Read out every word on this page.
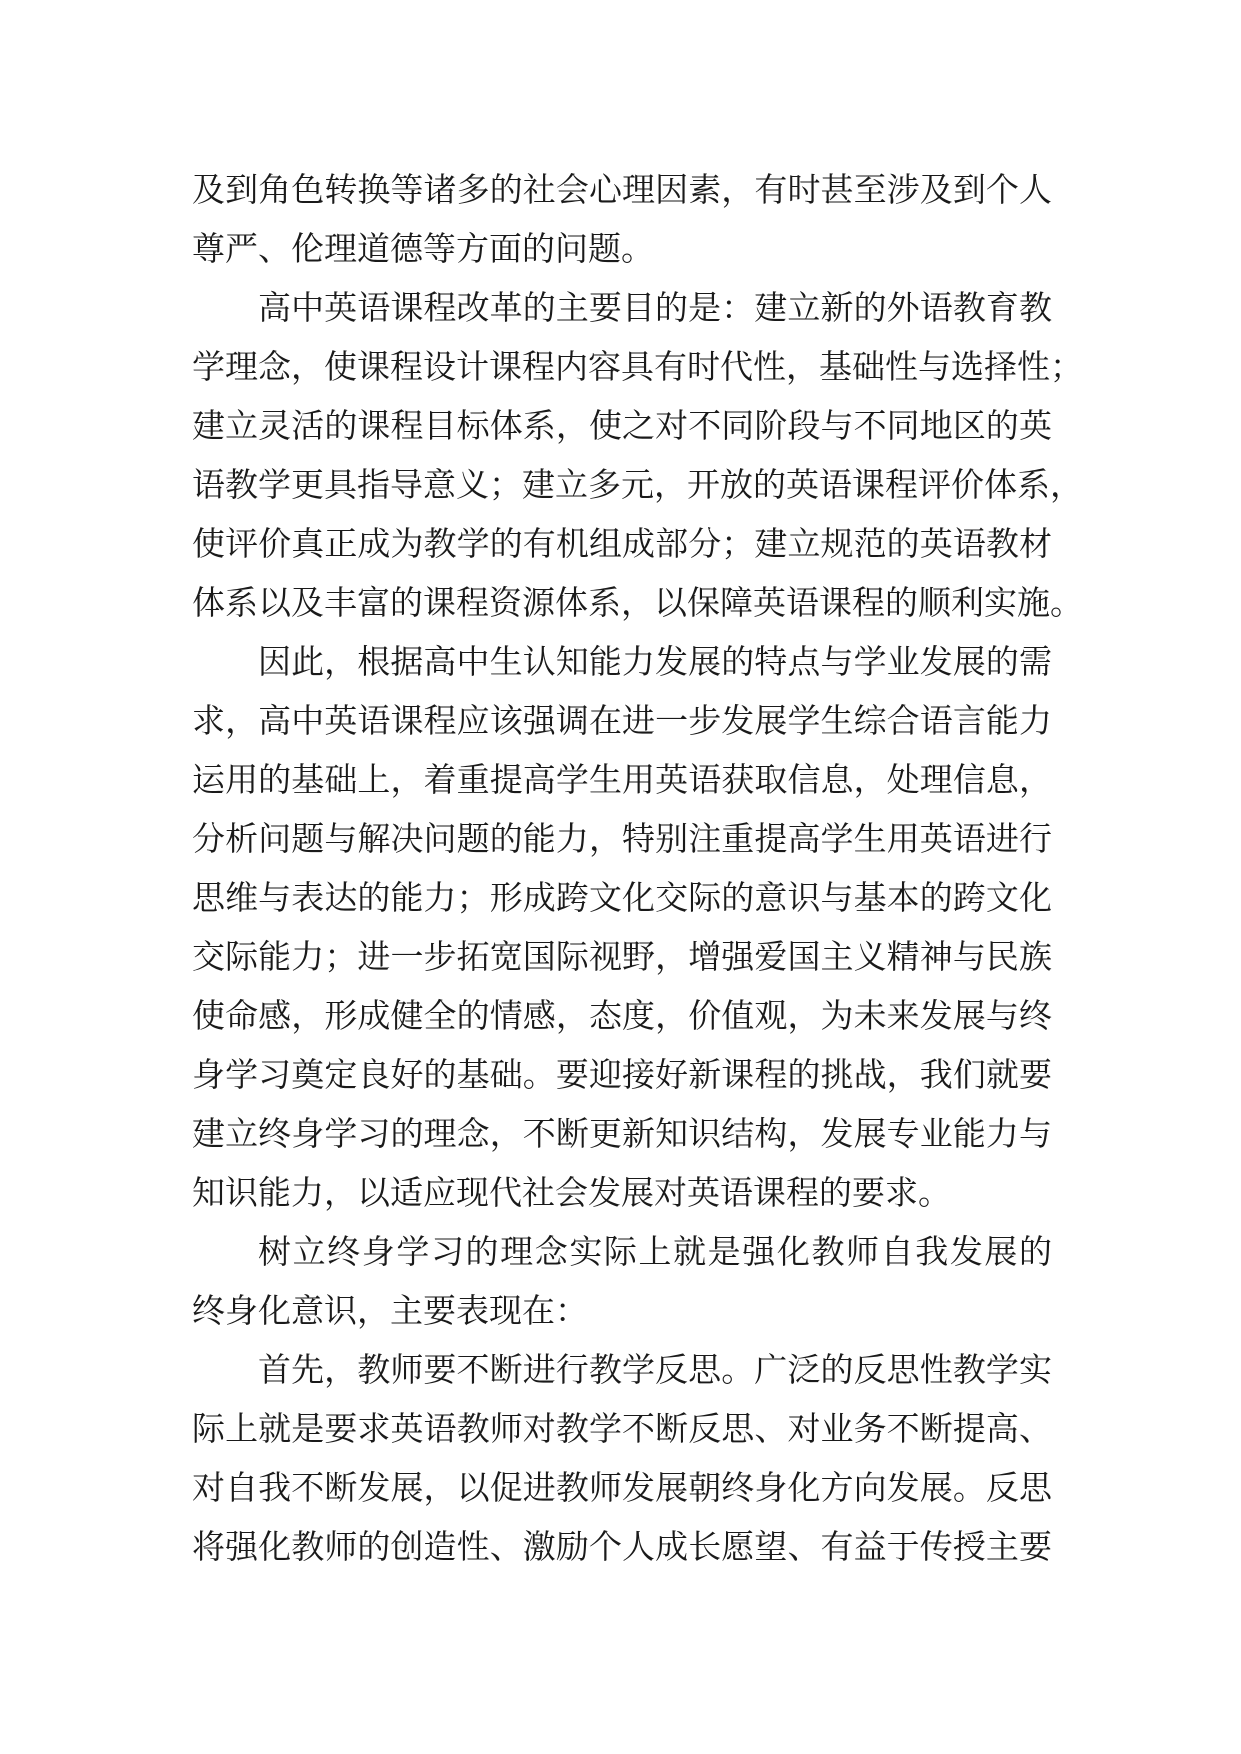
及到角色转换等诸多的社会心理因素，有时甚至涉及到个人
尊严、伦理道德等方面的问题。
高中英语课程改革的主要目的是：建立新的外语教育教
学理念，使课程设计课程内容具有时代性，基础性与选择性；
建立灵活的课程目标体系，使之对不同阶段与不同地区的英
语教学更具指导意义；建立多元，开放的英语课程评价体系，
使评价真正成为教学的有机组成部分；建立规范的英语教材
体系以及丰富的课程资源体系，以保障英语课程的顺利实施。
因此，根据高中生认知能力发展的特点与学业发展的需
求，高中英语课程应该强调在进一步发展学生综合语言能力
运用的基础上，着重提高学生用英语获取信息，处理信息，
分析问题与解决问题的能力，特别注重提高学生用英语进行
思维与表达的能力；形成跨文化交际的意识与基本的跨文化
交际能力；进一步拓宽国际视野，增强爱国主义精神与民族
使命感，形成健全的情感，态度，价值观，为未来发展与终
身学习奠定良好的基础。要迎接好新课程的挑战，我们就要
建立终身学习的理念，不断更新知识结构，发展专业能力与
知识能力，以适应现代社会发展对英语课程的要求。
树立终身学习的理念实际上就是强化教师自我发展的
终身化意识，主要表现在：
首先，教师要不断进行教学反思。广泛的反思性教学实
际上就是要求英语教师对教学不断反思、对业务不断提高、
对自我不断发展，以促进教师发展朝终身化方向发展。反思
将强化教师的创造性、激励个人成长愿望、有益于传授主要
